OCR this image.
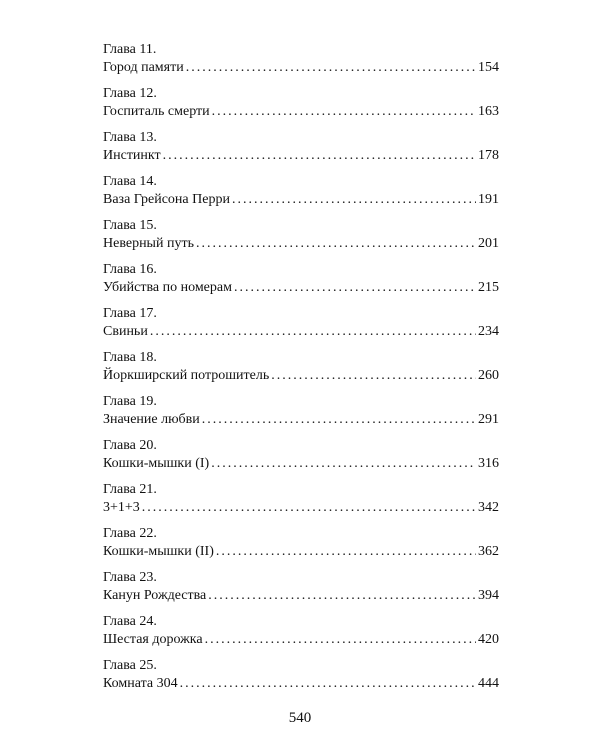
Глава 11.
Город памяти .....	154
Глава 12.
Госпиталь смерти .....	163
Глава 13.
Инстинкт .....	178
Глава 14.
Ваза Грейсона Перри .....	191
Глава 15.
Неверный путь .....	201
Глава 16.
Убийства по номерам .....	215
Глава 17.
Свиньи .....	234
Глава 18.
Йоркширский потрошитель .....	260
Глава 19.
Значение любви .....	291
Глава 20.
Кошки-мышки (I) .....	316
Глава 21.
3+1+3 .....	342
Глава 22.
Кошки-мышки (II) .....	362
Глава 23.
Канун Рождества .....	394
Глава 24.
Шестая дорожка .....	420
Глава 25.
Комната 304 .....	444
540
